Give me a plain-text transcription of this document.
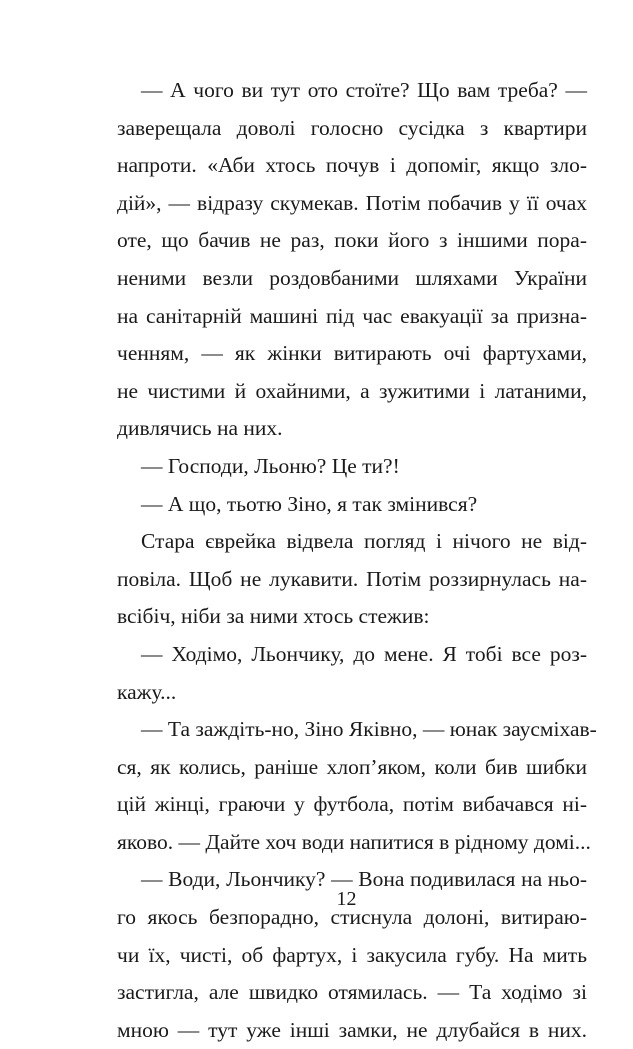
— А чого ви тут ото стоїте? Що вам треба? —
заверещала доволі голосно сусідка з квартири
напроти. «Аби хтось почув і допоміг, якщо зло-
дій», — відразу скумекав. Потім побачив у її очах
оте, що бачив не раз, поки його з іншими пора-
неними везли роздовбаними шляхами України
на санітарній машині під час евакуації за призна-
ченням, — як жінки витирають очі фартухами,
не чистими й охайними, а зужитими і латаними,
дивлячись на них.
— Господи, Льоню? Це ти?!
— А що, тьотю Зіно, я так змінився?
Стара єврейка відвела погляд і нічого не від-
повіла. Щоб не лукавити. Потім роззирнулась на-
всібіч, ніби за ними хтось стежив:
— Ходімо, Льончику, до мене. Я тобі все роз-
кажу...
— Та заждіть-но, Зіно Яківно, — юнак заусміхав-
ся, як колись, раніше хлоп’яком, коли бив шибки
цій жінці, граючи у футбола, потім вибачався ні-
яково. — Дайте хоч води напитися в рідному домі...
— Води, Льончику? — Вона подивилася на ньо-
го якось безпорадно, стиснула долоні, витираю-
чи їх, чисті, об фартух, і закусила губу. На мить
застигла, але швидко отямилась. — Та ходімо зі
мною — тут уже інші замки, не длубайся в них.
12
